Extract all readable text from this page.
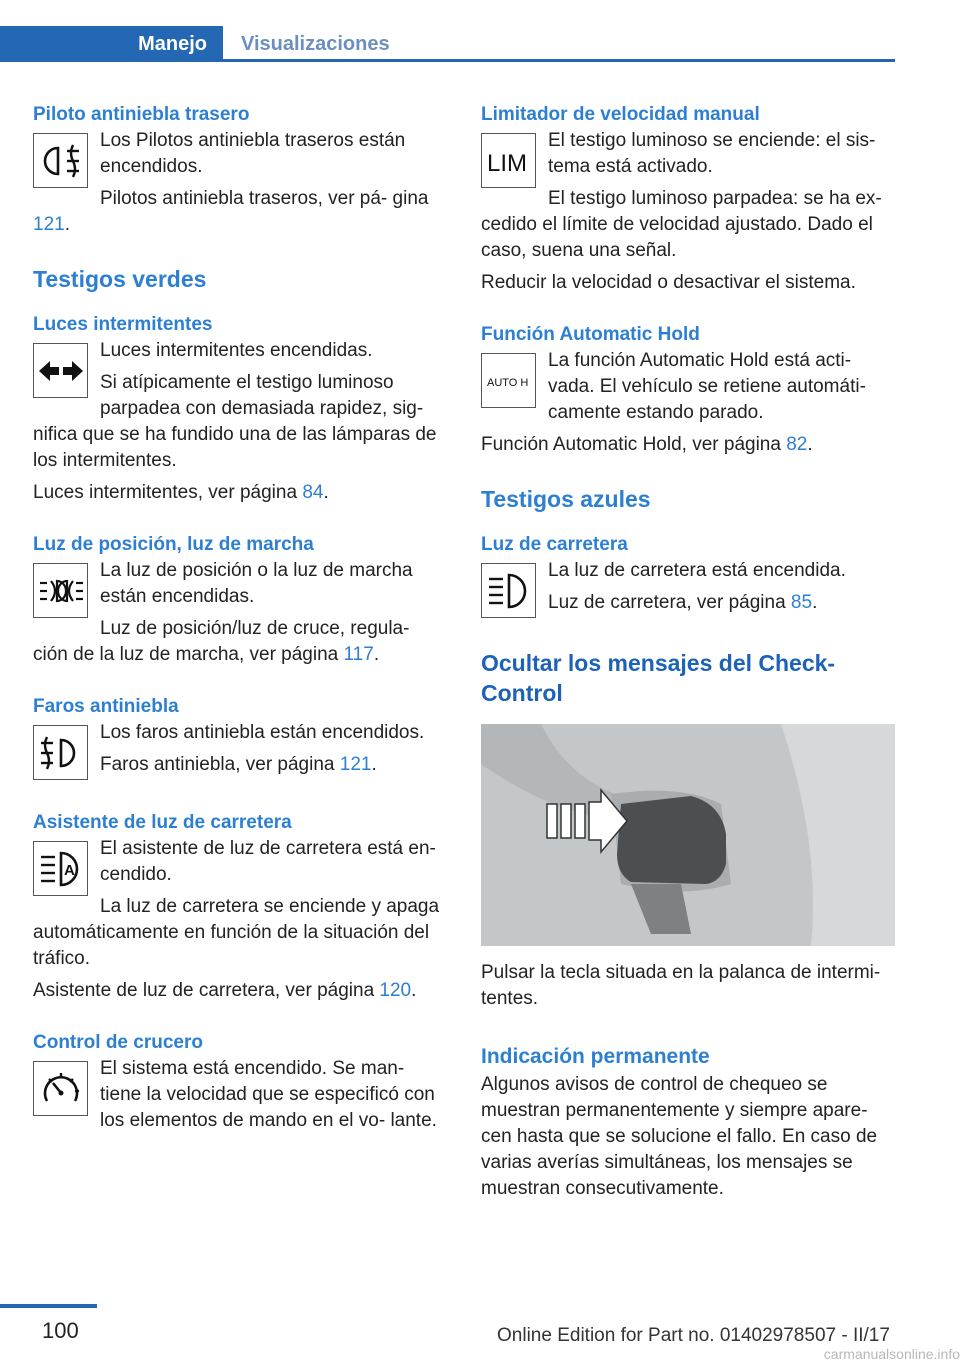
Manejo	Visualizaciones
Piloto antiniebla trasero

Los Pilotos antiniebla traseros están encendidos.

Pilotos antiniebla traseros, ver pá‐ gina 121.

Testigos verdes
Luces intermitentes

Luces intermitentes encendidas.

Si atípicamente el testigo luminoso parpadea con demasiada rapidez, sig‐ nifica que se ha fundido una de las lámparas de los intermitentes.

Luces intermitentes, ver página 84.

Luz de posición, luz de marcha

La luz de posición o la luz de marcha están encendidas.

Luz de posición/luz de cruce, regula‐ ción de la luz de marcha, ver página 117.

Faros antiniebla

Los faros antiniebla están encendidos.

Faros antiniebla, ver página 121.

Asistente de luz de carretera
A

El asistente de luz de carretera está en‐ cendido.

La luz de carretera se enciende y apaga automáticamente en función de la situación del tráfico.

Asistente de luz de carretera, ver página 120.

Control de crucero

El sistema está encendido. Se man‐ tiene la velocidad que se especificó con los elementos de mando en el vo‐ lante.

Limitador de velocidad manual
LIM

El testigo luminoso se enciende: el sis‐ tema está activado.

El testigo luminoso parpadea: se ha ex‐ cedido el límite de velocidad ajustado. Dado el caso, suena una señal.

Reducir la velocidad o desactivar el sistema.

Función Automatic Hold
AUTO H

La función Automatic Hold está acti‐ vada. El vehículo se retiene automáti‐ camente estando parado.

Función Automatic Hold, ver página 82.

Testigos azules
Luz de carretera

La luz de carretera está encendida.

Luz de carretera, ver página 85.

Ocultar los mensajes del Check-Control

Pulsar la tecla situada en la palanca de intermi‐ tentes.

Indicación permanente

Algunos avisos de control de chequeo se muestran permanentemente y siempre apare‐ cen hasta que se solucione el fallo. En caso de varias averías simultáneas, los mensajes se muestran consecutivamente.

100	Online Edition for Part no. 01402978507 - II/17
carmanualsonline.info
